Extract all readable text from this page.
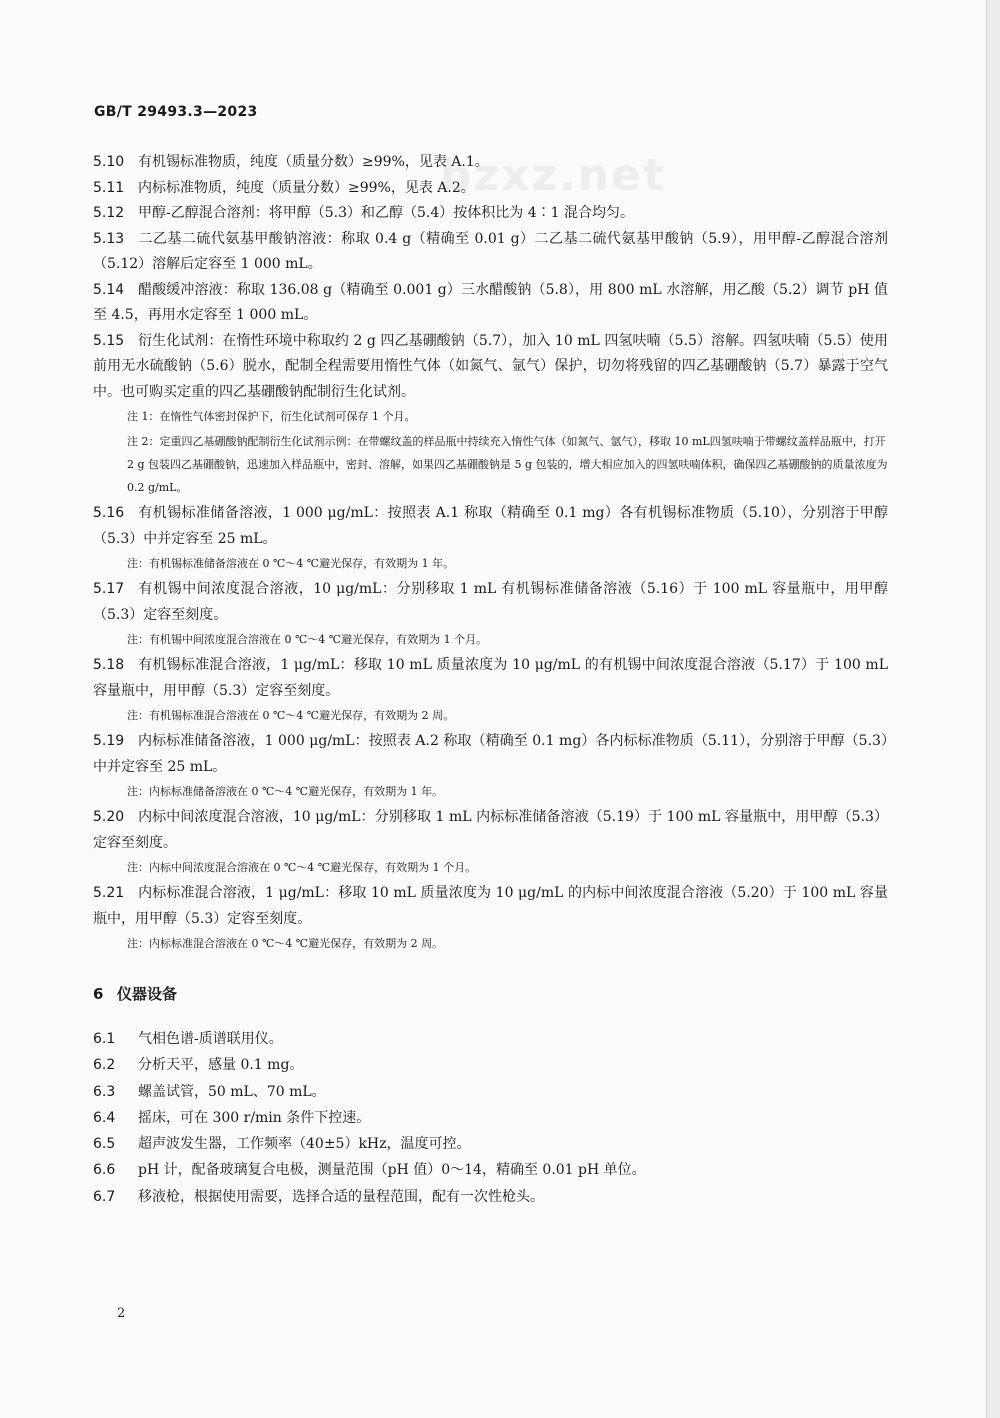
bzxz.net
GB/T 29493.3—2023

5.10 有机锡标准物质，纯度（质量分数）≥99%，见表 A.1。

5.11 内标标准物质，纯度（质量分数）≥99%，见表 A.2。

5.12 甲醇-乙醇混合溶剂：将甲醇（5.3）和乙醇（5.4）按体积比为 4∶1 混合均匀。

5.13 二乙基二硫代氨基甲酸钠溶液：称取 0.4 g（精确至 0.01 g）二乙基二硫代氨基甲酸钠（5.9），用甲醇-乙醇混合溶剂（5.12）溶解后定容至 1 000 mL。

5.14 醋酸缓冲溶液：称取 136.08 g（精确至 0.001 g）三水醋酸钠（5.8），用 800 mL 水溶解，用乙酸（5.2）调节 pH 值至 4.5，再用水定容至 1 000 mL。

5.15 衍生化试剂：在惰性环境中称取约 2 g 四乙基硼酸钠（5.7），加入 10 mL 四氢呋喃（5.5）溶解。四氢呋喃（5.5）使用前用无水硫酸钠（5.6）脱水，配制全程需要用惰性气体（如氮气、氩气）保护，切勿将残留的四乙基硼酸钠（5.7）暴露于空气中。也可购买定重的四乙基硼酸钠配制衍生化试剂。

注 1：在惰性气体密封保护下，衍生化试剂可保存 1 个月。

注 2：定重四乙基硼酸钠配制衍生化试剂示例：在带螺纹盖的样品瓶中持续充入惰性气体（如氮气、氩气），移取 10 mL四氢呋喃于带螺纹盖样品瓶中，打开 2 g 包装四乙基硼酸钠，迅速加入样品瓶中，密封、溶解，如果四乙基硼酸钠是 5 g 包装的，增大相应加入的四氢呋喃体积，确保四乙基硼酸钠的质量浓度为 0.2 g/mL。

5.16 有机锡标准储备溶液，1 000 μg/mL：按照表 A.1 称取（精确至 0.1 mg）各有机锡标准物质（5.10），分别溶于甲醇（5.3）中并定容至 25 mL。

注：有机锡标准储备溶液在 0 ℃～4 ℃避光保存，有效期为 1 年。

5.17 有机锡中间浓度混合溶液，10 μg/mL：分别移取 1 mL 有机锡标准储备溶液（5.16）于 100 mL 容量瓶中，用甲醇（5.3）定容至刻度。

注：有机锡中间浓度混合溶液在 0 ℃～4 ℃避光保存，有效期为 1 个月。

5.18 有机锡标准混合溶液，1 μg/mL：移取 10 mL 质量浓度为 10 μg/mL 的有机锡中间浓度混合溶液（5.17）于 100 mL 容量瓶中，用甲醇（5.3）定容至刻度。

注：有机锡标准混合溶液在 0 ℃～4 ℃避光保存，有效期为 2 周。

5.19 内标标准储备溶液，1 000 μg/mL：按照表 A.2 称取（精确至 0.1 mg）各内标标准物质（5.11），分别溶于甲醇（5.3）中并定容至 25 mL。

注：内标标准储备溶液在 0 ℃～4 ℃避光保存，有效期为 1 年。

5.20 内标中间浓度混合溶液，10 μg/mL：分别移取 1 mL 内标标准储备溶液（5.19）于 100 mL 容量瓶中，用甲醇（5.3）定容至刻度。

注：内标中间浓度混合溶液在 0 ℃～4 ℃避光保存，有效期为 1 个月。

5.21 内标标准混合溶液，1 μg/mL：移取 10 mL 质量浓度为 10 μg/mL 的内标中间浓度混合溶液（5.20）于 100 mL 容量瓶中，用甲醇（5.3）定容至刻度。

注：内标标准混合溶液在 0 ℃～4 ℃避光保存，有效期为 2 周。

6 仪器设备

6.1 气相色谱-质谱联用仪。

6.2 分析天平，感量 0.1 mg。

6.3 螺盖试管，50 mL、70 mL。

6.4 摇床，可在 300 r/min 条件下控速。

6.5 超声波发生器，工作频率（40±5）kHz，温度可控。

6.6 pH 计，配备玻璃复合电极，测量范围（pH 值）0～14，精确至 0.01 pH 单位。

6.7 移液枪，根据使用需要，选择合适的量程范围，配有一次性枪头。

2
